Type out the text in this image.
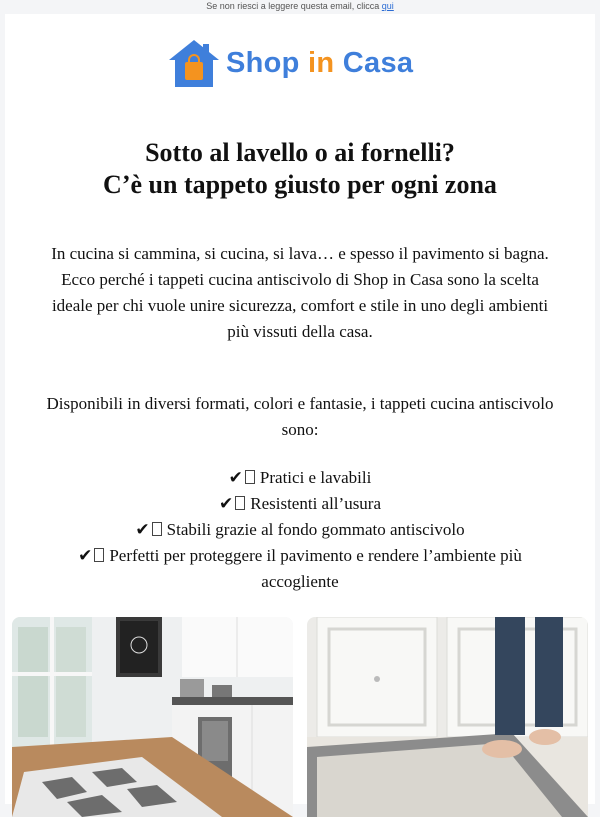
Se non riesci a leggere questa email, clicca qui
Shop in Casa
Sotto al lavello o ai fornelli?
C’è un tappeto giusto per ogni zona
In cucina si cammina, si cucina, si lava… e spesso il pavimento si bagna.
Ecco perché i tappeti cucina antiscivolo di Shop in Casa sono la scelta ideale per chi vuole unire sicurezza, comfort e stile in uno degli ambienti più vissuti della casa.
Disponibili in diversi formati, colori e fantasie, i tappeti cucina antiscivolo sono:
✔ Pratici e lavabili
✔ Resistenti all’usura
✔ Stabili grazie al fondo gommato antiscivolo
✔ Perfetti per proteggere il pavimento e rendere l’ambiente più accogliente
